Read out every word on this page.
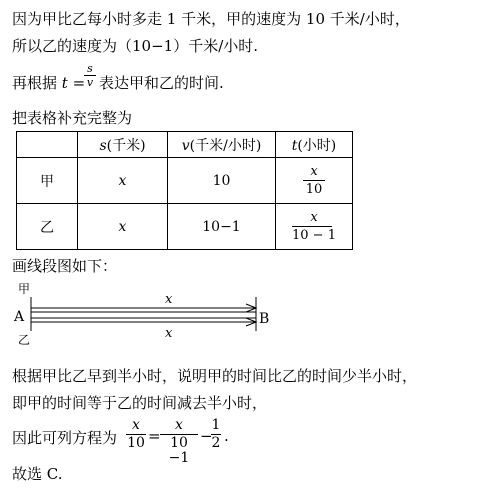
因为甲比乙每小时多走 1 千米，甲的速度为 10 千米/小时，
所以乙的速度为（10−1）千米/小时.
再根据 t =
s
v 表达甲和乙的时间.
把表格补充完整为
	s(千米)	v(千米/小时)	t(小时)
甲	x	10	$\frac{x}{10}$

乙	x	10−1	$\frac{x}{10 - 1}$
画线段图如下：
甲
A
乙
x
x
B
根据甲比乙早到半小时，说明甲的时间比乙的时间少半小时，
即甲的时间等于乙的时间减去半小时，
因此可列方程为
x
10 =
x
10 −1
−
1
2 .
故选 C.
